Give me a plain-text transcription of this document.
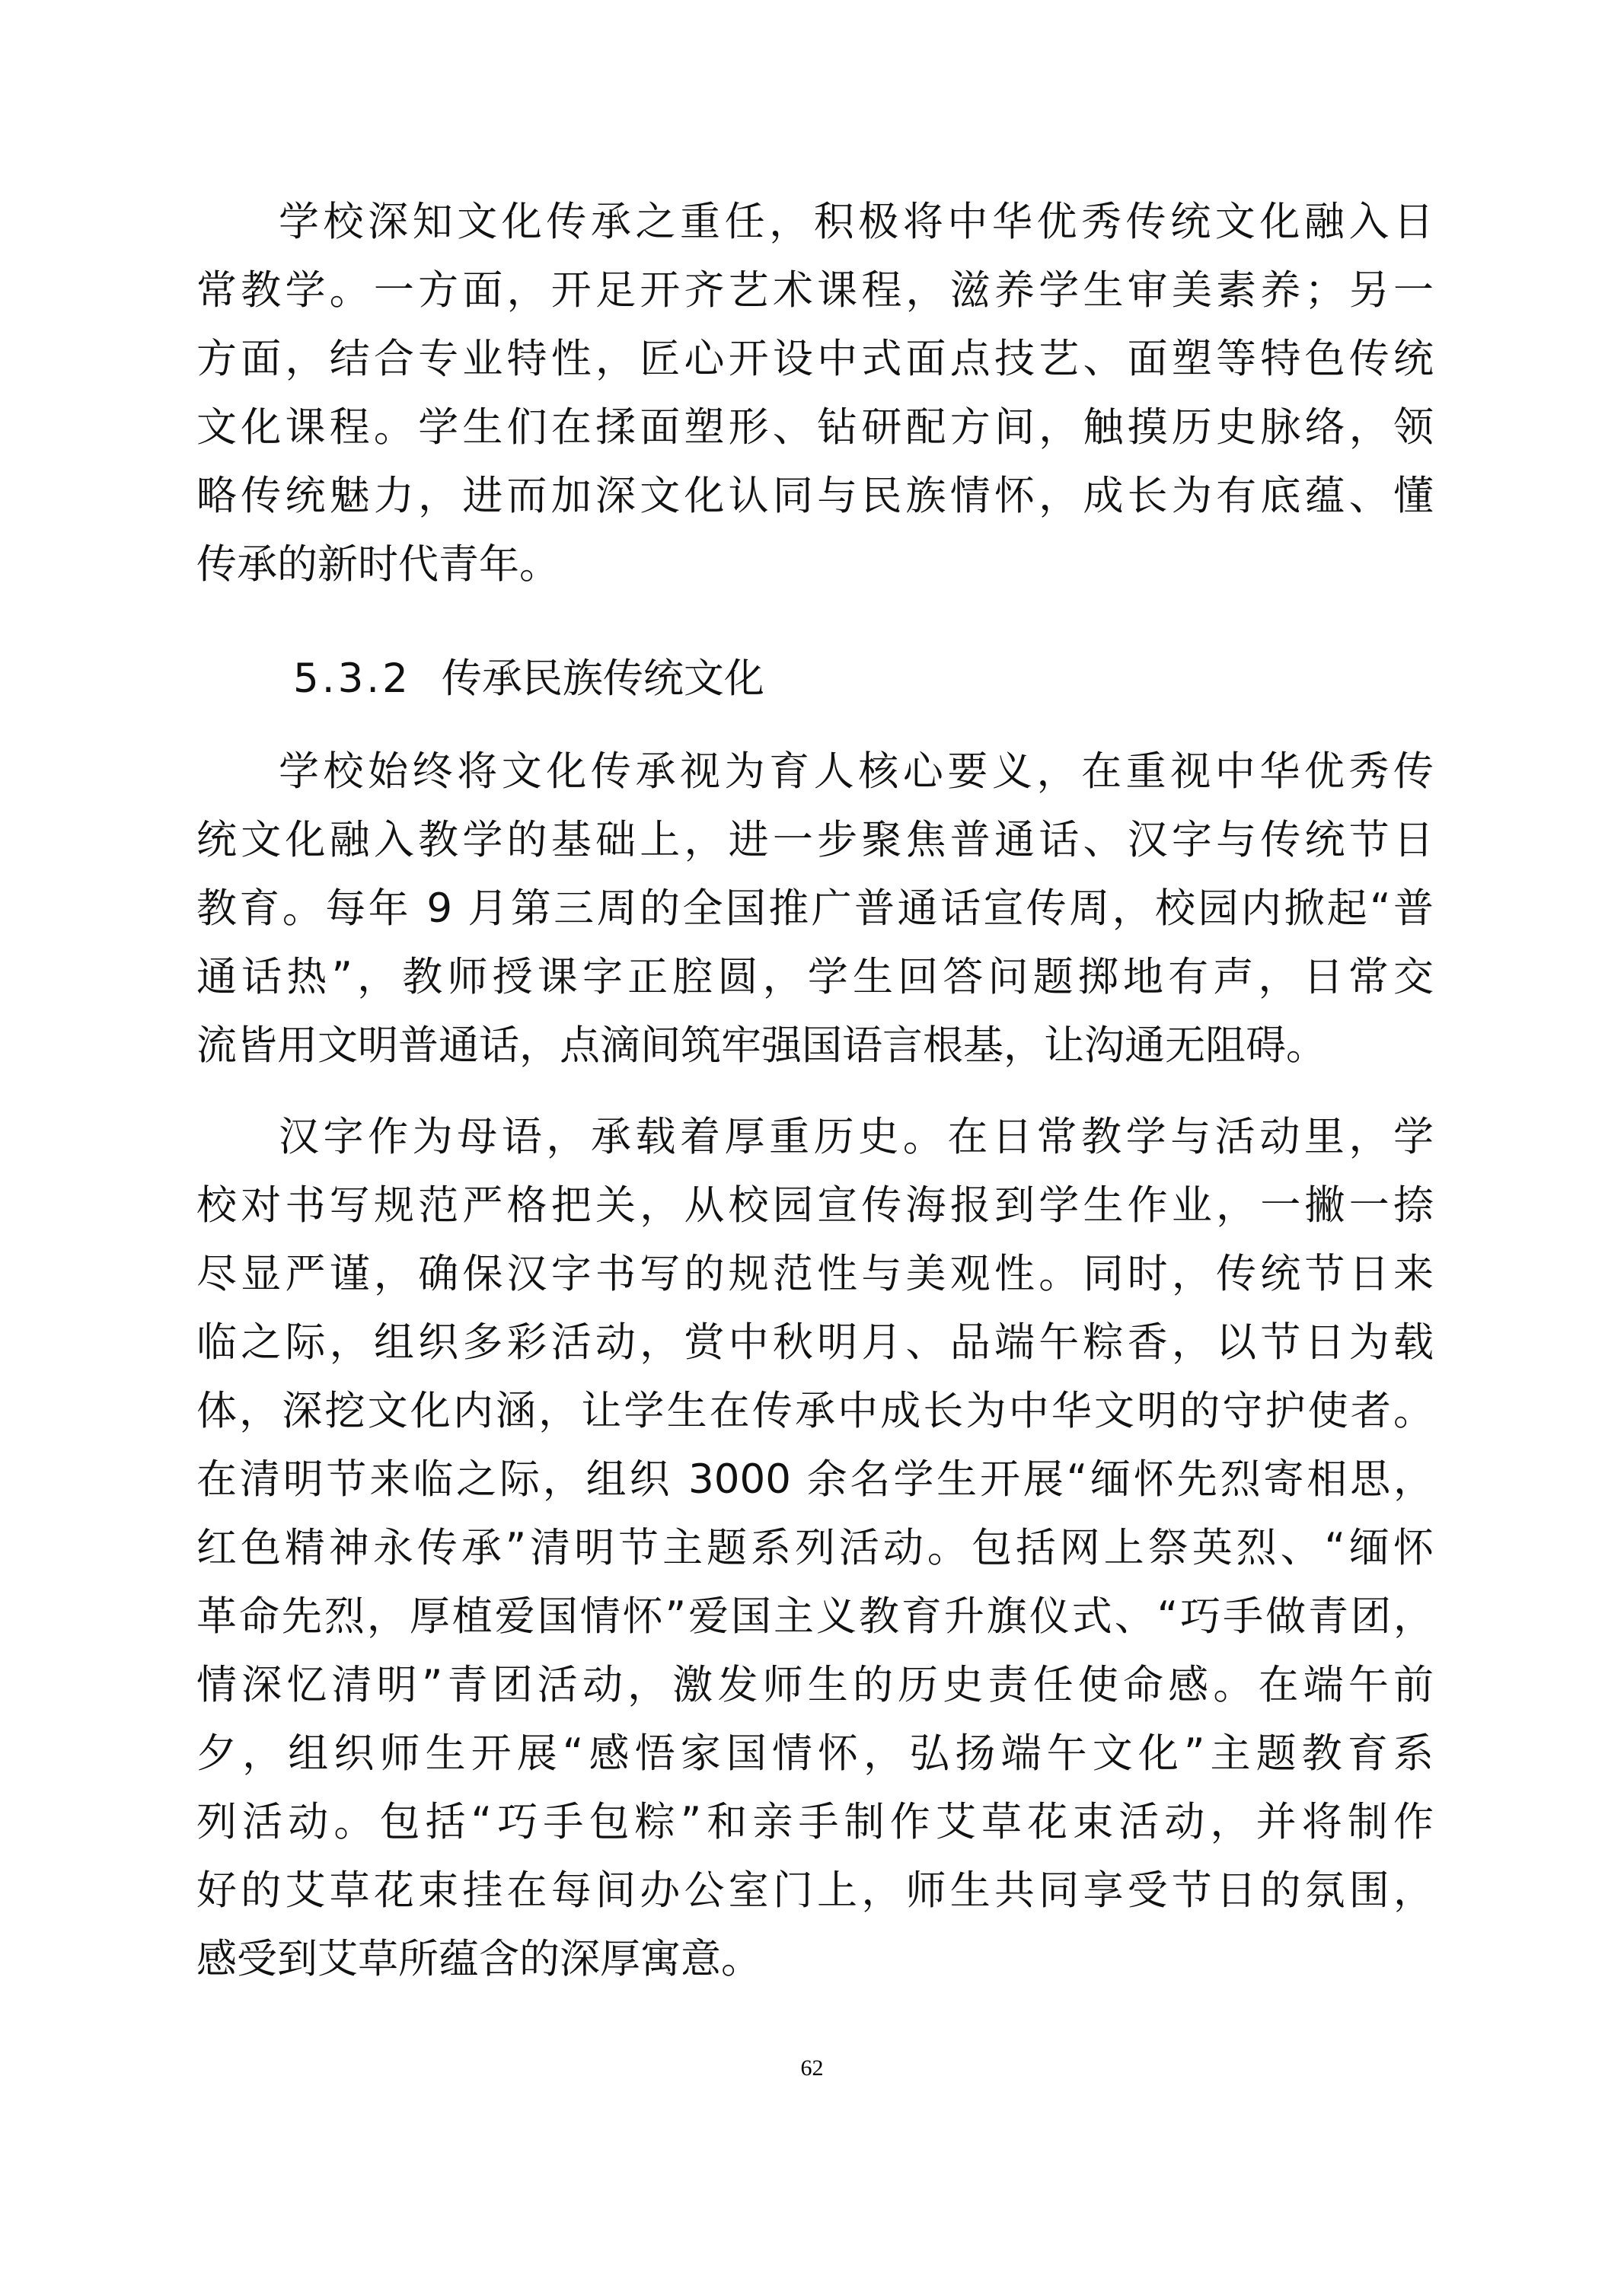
学校深知文化传承之重任，积极将中华优秀传统文化融入日
常教学。一方面，开足开齐艺术课程，滋养学生审美素养；另一
方面，结合专业特性，匠心开设中式面点技艺、面塑等特色传统
文化课程。学生们在揉面塑形、钻研配方间，触摸历史脉络，领
略传统魅力，进而加深文化认同与民族情怀，成长为有底蕴、懂
传承的新时代青年。
5.3.2 传承民族传统文化
学校始终将文化传承视为育人核心要义，在重视中华优秀传
统文化融入教学的基础上，进一步聚焦普通话、汉字与传统节日
教育。每年 9 月第三周的全国推广普通话宣传周，校园内掀起“普
通话热”，教师授课字正腔圆，学生回答问题掷地有声，日常交
流皆用文明普通话，点滴间筑牢强国语言根基，让沟通无阻碍。
汉字作为母语，承载着厚重历史。在日常教学与活动里，学
校对书写规范严格把关，从校园宣传海报到学生作业，一撇一捺
尽显严谨，确保汉字书写的规范性与美观性。同时，传统节日来
临之际，组织多彩活动，赏中秋明月、品端午粽香，以节日为载
体，深挖文化内涵，让学生在传承中成长为中华文明的守护使者。
在清明节来临之际，组织 3000 余名学生开展“缅怀先烈寄相思，
红色精神永传承”清明节主题系列活动。包括网上祭英烈、“缅怀
革命先烈，厚植爱国情怀”爱国主义教育升旗仪式、“巧手做青团，
情深忆清明”青团活动，激发师生的历史责任使命感。在端午前
夕，组织师生开展“感悟家国情怀，弘扬端午文化”主题教育系
列活动。包括“巧手包粽”和亲手制作艾草花束活动，并将制作
好的艾草花束挂在每间办公室门上，师生共同享受节日的氛围，
感受到艾草所蕴含的深厚寓意。
62
